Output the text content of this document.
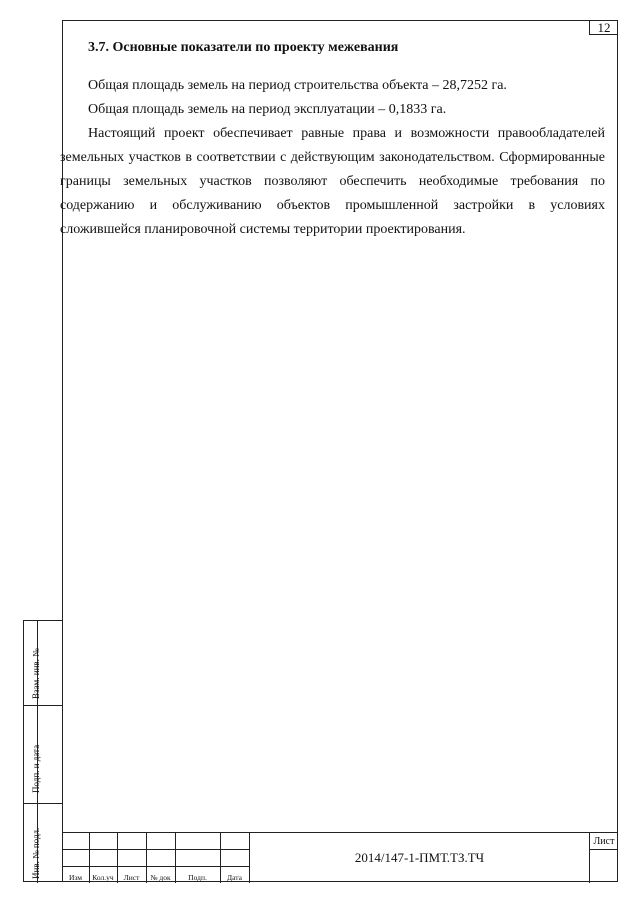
12
3.7. Основные показатели по проекту межевания

Общая площадь земель на период строительства объекта – 28,7252 га.

Общая площадь земель на период эксплуатации – 0,1833 га.

Настоящий проект обеспечивает равные права и возможности правообладателей земельных участков в соответствии с действующим законодательством. Сформированные границы земельных участков позволяют обеспечить необходимые требования по содержанию и обслуживанию объектов промышленной застройки в условиях сложившейся планировочной системы территории проектирования.

Взам. инв. №
Подп. и дата
Инв. № подл.	Изм	Кол.уч	Лист	№ док	Подп.	Дата
2014/147-1-ПМТ.ТЗ.ТЧ
Лист
